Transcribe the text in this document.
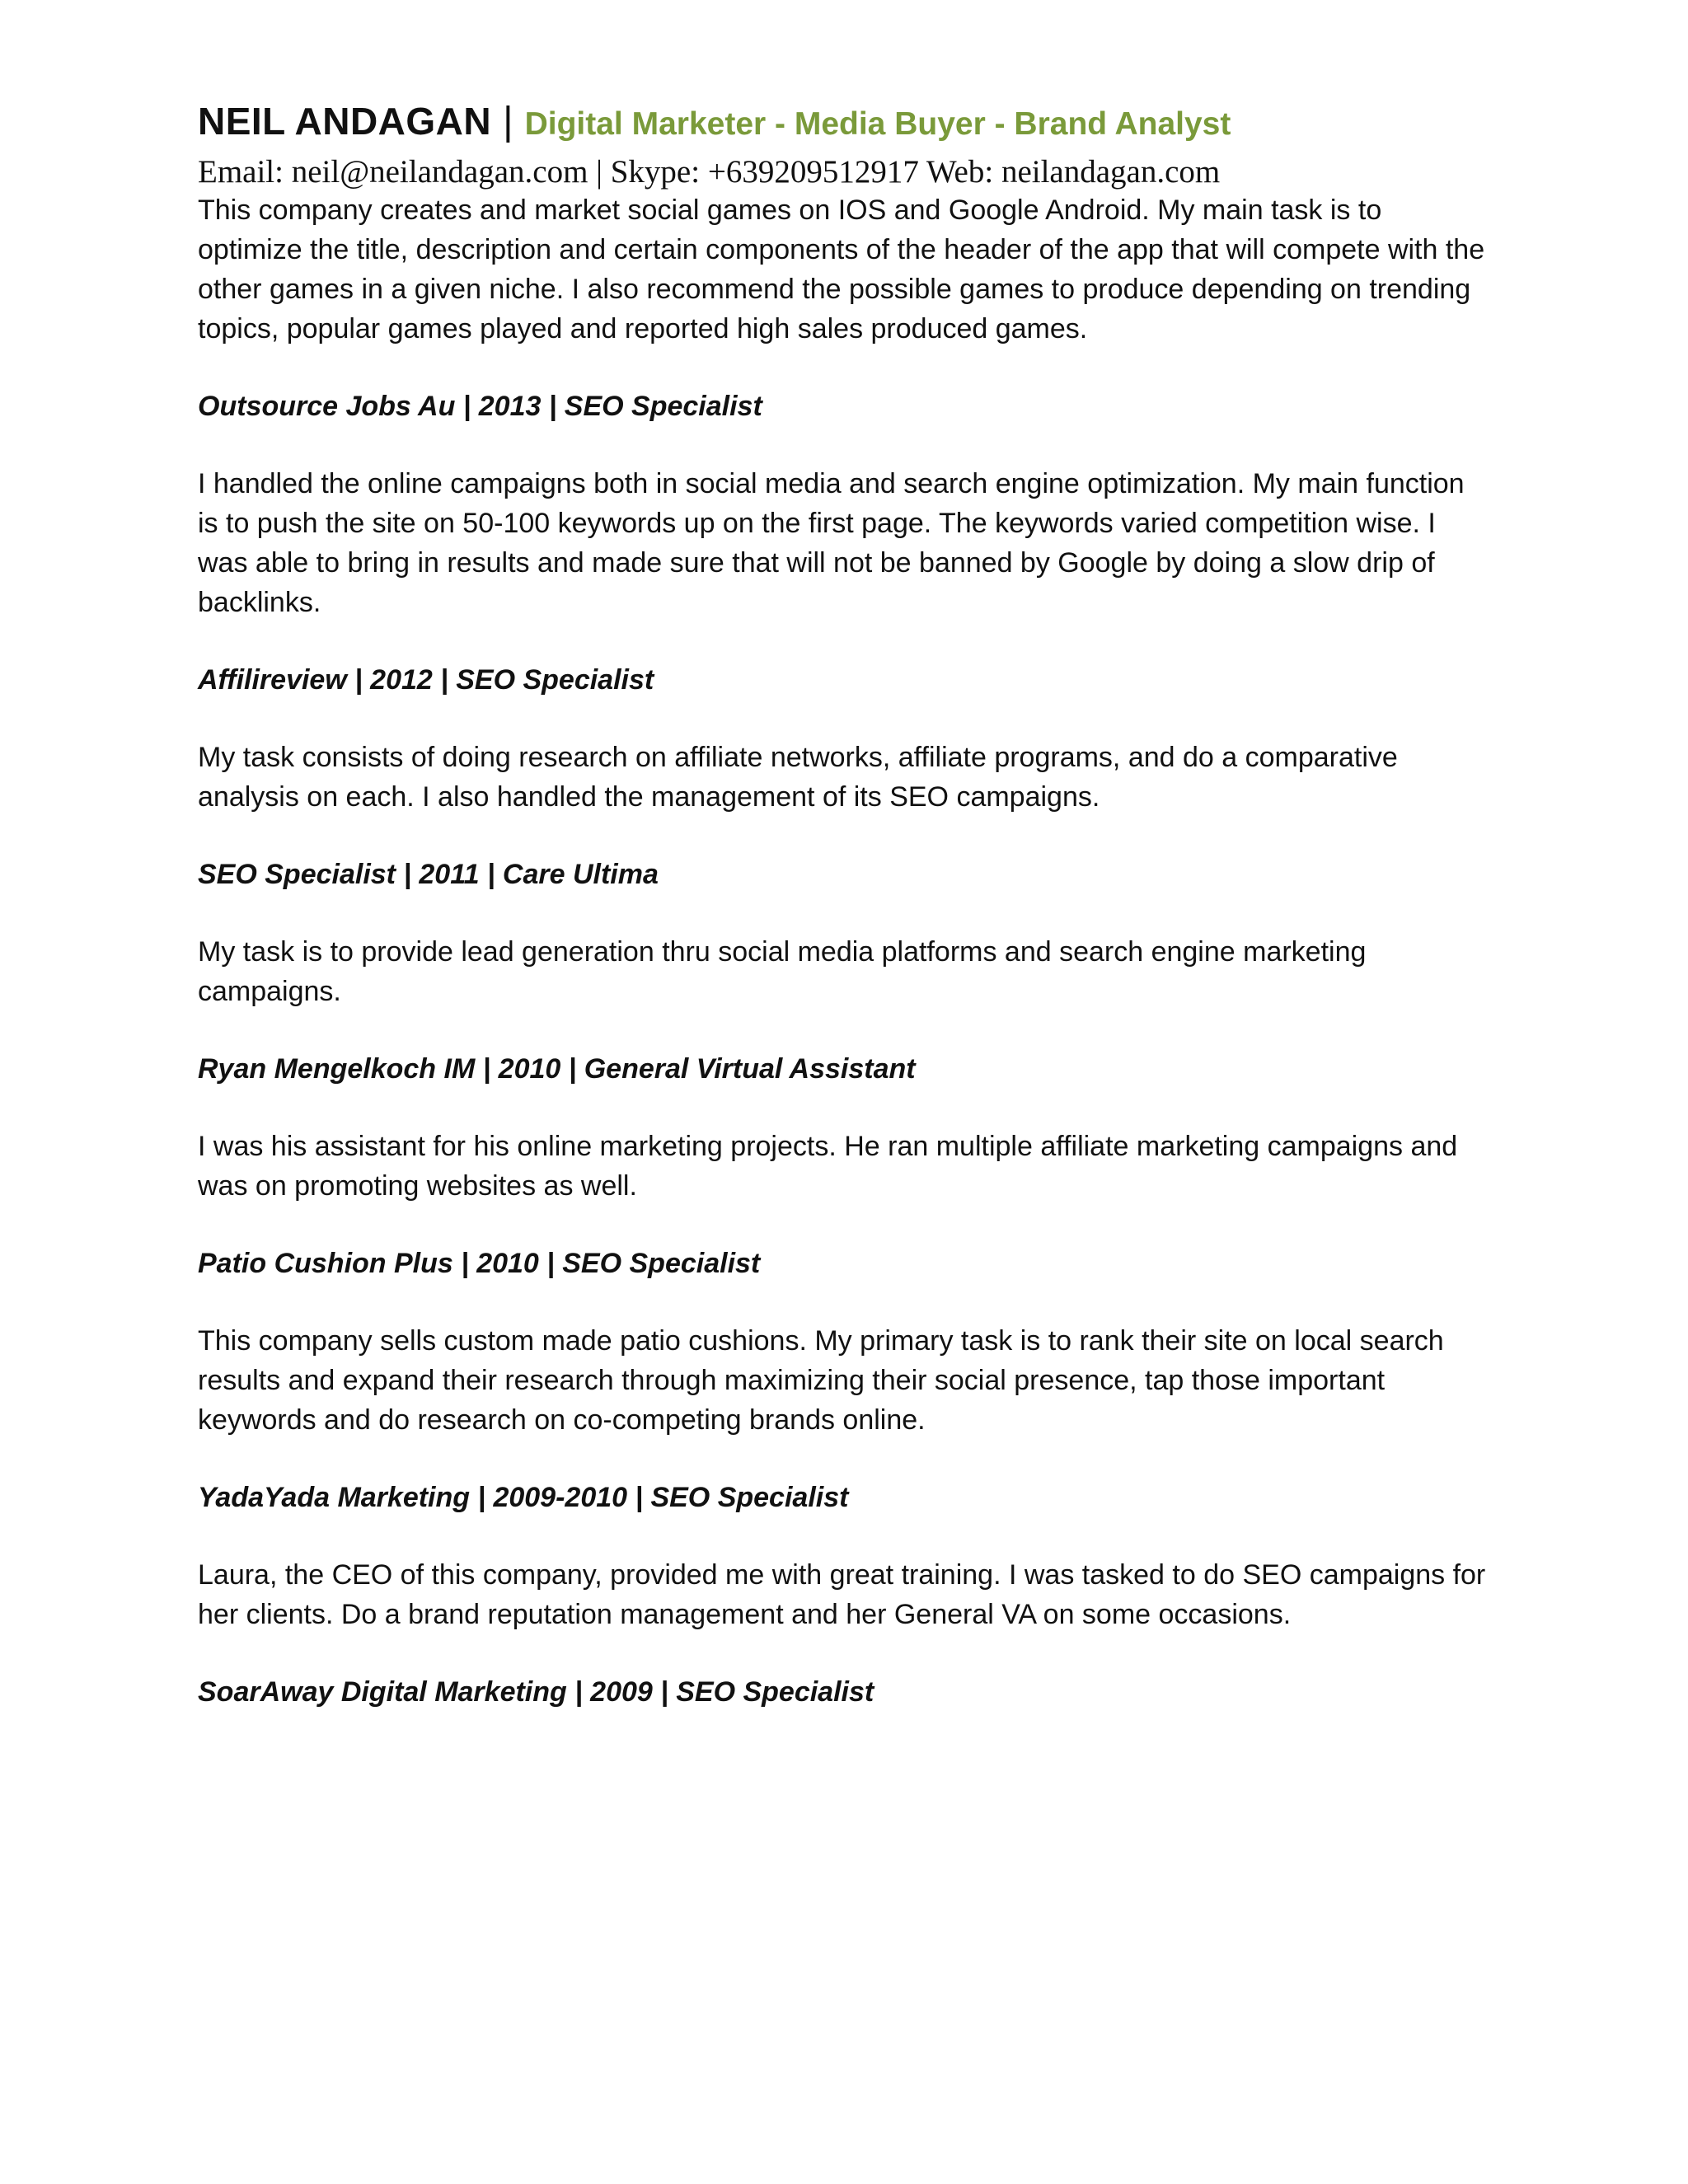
NEIL ANDAGAN | Digital Marketer - Media Buyer - Brand Analyst
Email: neil@neilandagan.com | Skype: +639209512917 Web: neilandagan.com

This company creates and market social games on IOS and Google Android. My main task is to optimize the title, description and certain components of the header of the app that will compete with the other games in a given niche. I also recommend the possible games to produce depending on trending topics, popular games played and reported high sales produced games.

Outsource Jobs Au | 2013 | SEO Specialist

I handled the online campaigns both in social media and search engine optimization. My main function is to push the site on 50-100 keywords up on the first page. The keywords varied competition wise. I was able to bring in results and made sure that will not be banned by Google by doing a slow drip of backlinks.

Affilireview | 2012 | SEO Specialist

My task consists of doing research on affiliate networks, affiliate programs, and do a comparative analysis on each. I also handled the management of its SEO campaigns.

SEO Specialist | 2011 | Care Ultima

My task is to provide lead generation thru social media platforms and search engine marketing campaigns.

Ryan Mengelkoch IM | 2010 | General Virtual Assistant

I was his assistant for his online marketing projects. He ran multiple affiliate marketing campaigns and was on promoting websites as well.

Patio Cushion Plus | 2010 | SEO Specialist

This company sells custom made patio cushions. My primary task is to rank their site on local search results and expand their research through maximizing their social presence, tap those important keywords and do research on co-competing brands online.

YadaYada Marketing | 2009-2010 | SEO Specialist

Laura, the CEO of this company, provided me with great training. I was tasked to do SEO campaigns for her clients. Do a brand reputation management and her General VA on some occasions.

SoarAway Digital Marketing | 2009 | SEO Specialist
